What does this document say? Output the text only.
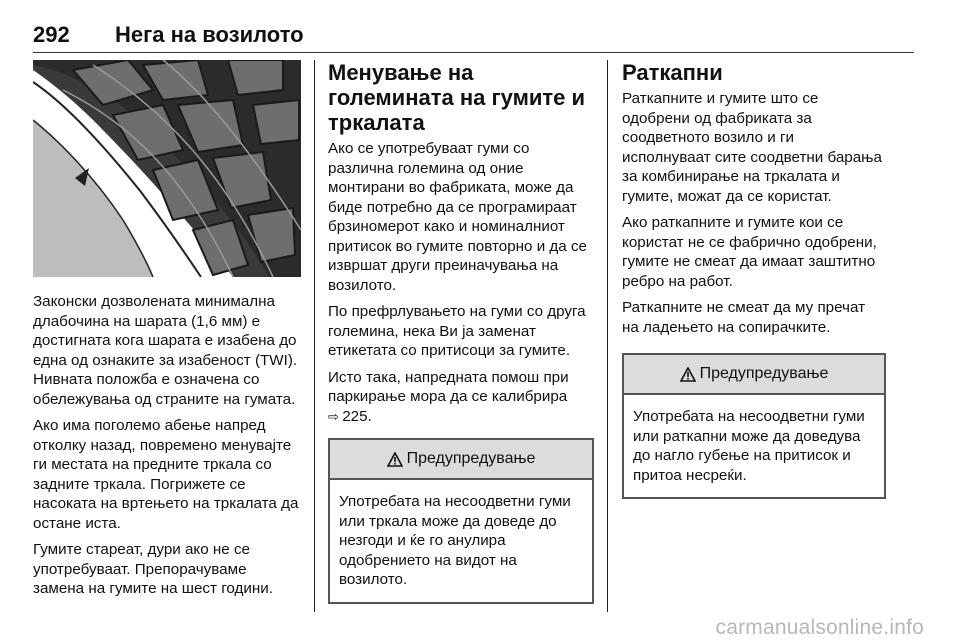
292 Нега на возилото

Законски дозволената минимална длабочина на шарата (1,6 мм) е достигната кога шарата е изабена до една од ознаките за изабеност (TWI). Нивната положба е означена со обележувања од страните на гумата.

Ако има поголемо абење напред отколку назад, повремено менувајте ги местата на предните тркала со задните тркала. Погрижете се насоката на вртењето на тркалата да остане иста.

Гумите стареат, дури ако не се употребуваат. Препорачуваме замена на гумите на шест години.

Менување на големината на гумите и тркалата

Ако се употребуваат гуми со различна големина од оние монтирани во фабриката, може да биде потребно да се програмираат брзиномерот како и номиналниот притисок во гумите повторно и да се извршат други преиначувања на возилото.

По префрлувањето на гуми со друга големина, нека Ви ја заменат етикетата со притисоци за гумите.

Исто така, напредната помош при паркирање мора да се калибрира
⇨ 225.

Предупредување
Употребата на несоодветни гуми или тркала може да доведе до незгоди и ќе го анулира одобрението на видот на возилото.
Раткапни

Раткапните и гумите што се одобрени од фабриката за соодветното возило и ги исполнуваат сите соодветни барања за комбинирање на тркалата и гумите, можат да се користат.

Ако раткапните и гумите кои се користат не се фабрично одобрени, гумите не смеат да имаат заштитно ребро на работ.

Раткапните не смеат да му пречат на ладењето на сопирачките.

Предупредување
Употребата на несоодветни гуми или раткапни може да доведува до нагло губење на притисок и притоа несреќи.
carmanualsonline.info
